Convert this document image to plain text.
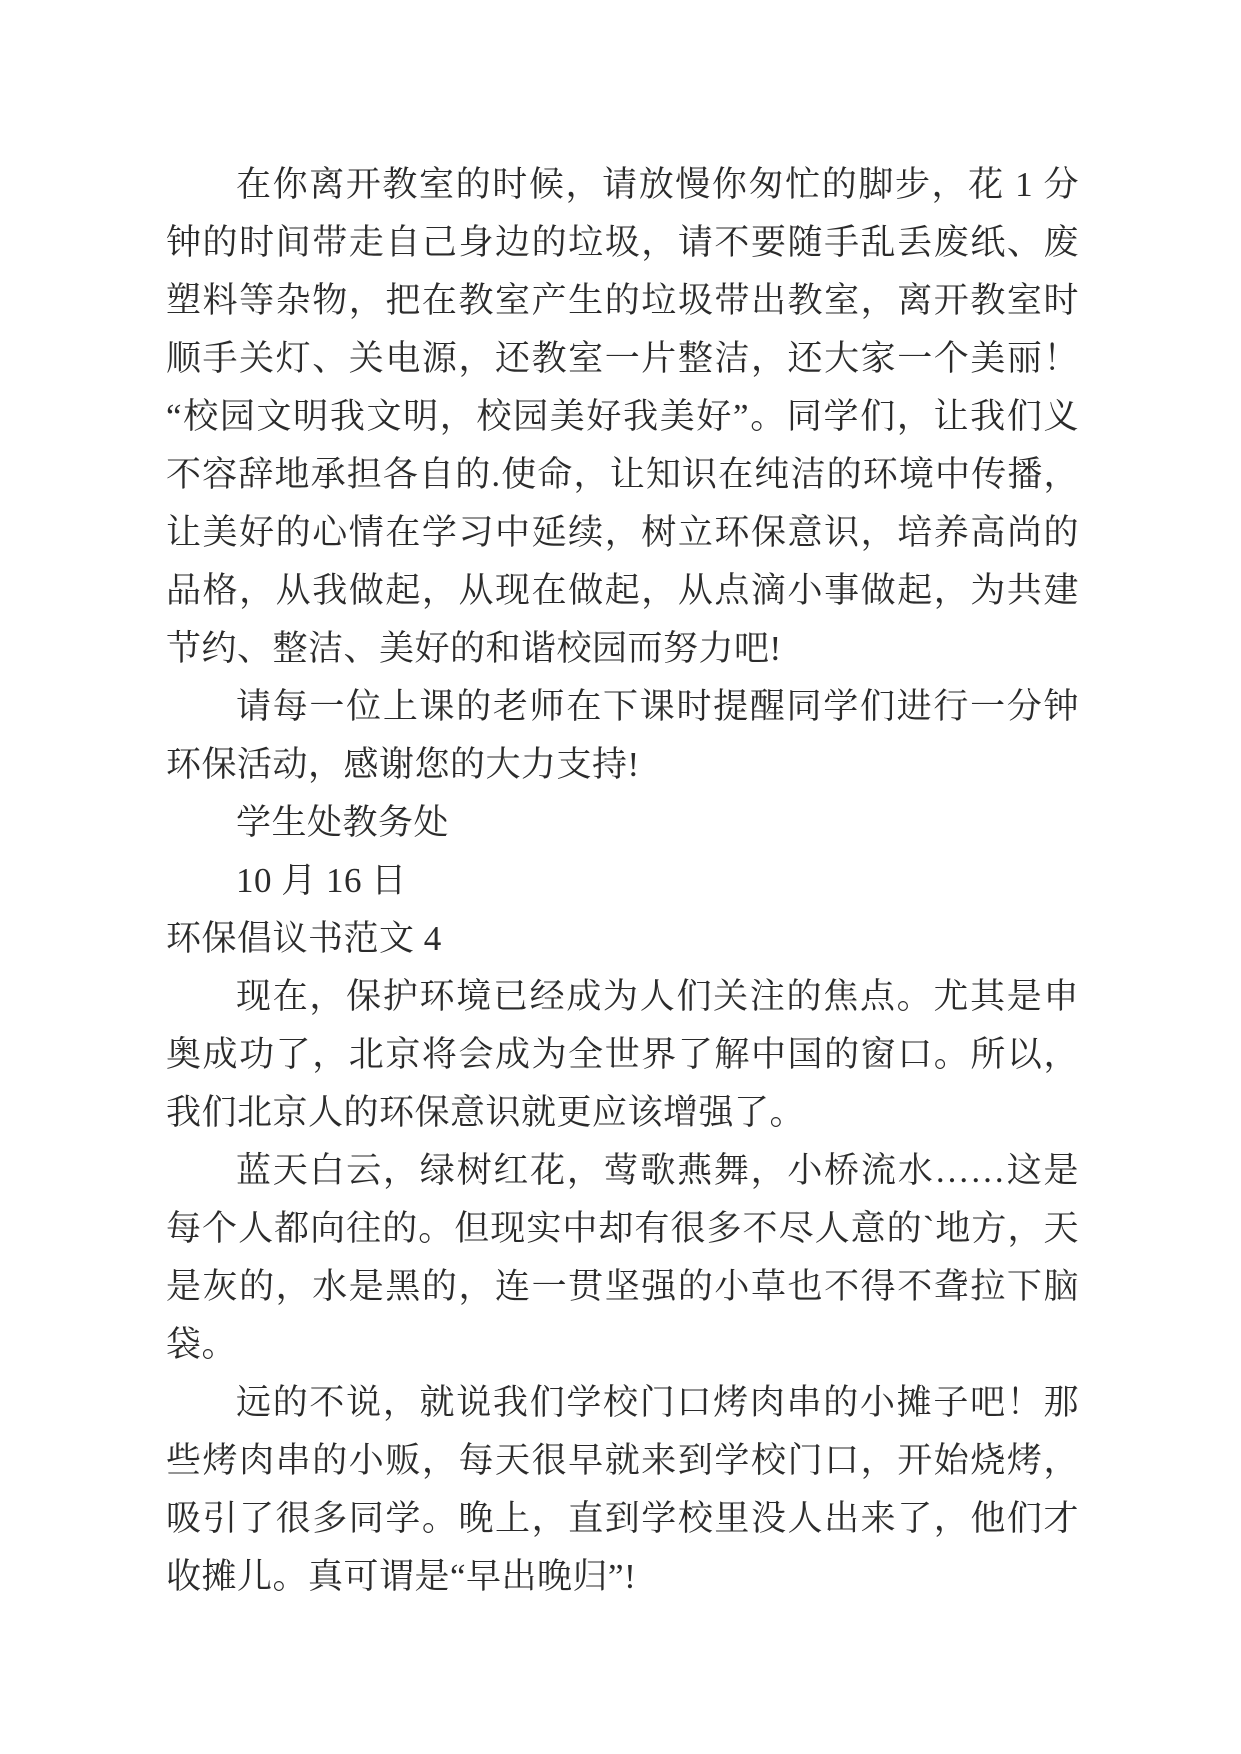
在你离开教室的时候，请放慢你匆忙的脚步，花 1 分钟的时间带走自己身边的垃圾，请不要随手乱丢废纸、废塑料等杂物，把在教室产生的垃圾带出教室，离开教室时顺手关灯、关电源，还教室一片整洁，还大家一个美丽！“校园文明我文明，校园美好我美好”。同学们，让我们义不容辞地承担各自的.使命，让知识在纯洁的环境中传播，让美好的心情在学习中延续，树立环保意识，培养高尚的品格，从我做起，从现在做起，从点滴小事做起，为共建节约、整洁、美好的和谐校园而努力吧!

请每一位上课的老师在下课时提醒同学们进行一分钟环保活动，感谢您的大力支持!

学生处教务处

10 月 16 日

环保倡议书范文 4

现在，保护环境已经成为人们关注的焦点。尤其是申奥成功了，北京将会成为全世界了解中国的窗口。所以，我们北京人的环保意识就更应该增强了。

蓝天白云，绿树红花，莺歌燕舞，小桥流水……这是每个人都向往的。但现实中却有很多不尽人意的`地方，天是灰的，水是黑的，连一贯坚强的小草也不得不聋拉下脑袋。

远的不说，就说我们学校门口烤肉串的小摊子吧！那些烤肉串的小贩，每天很早就来到学校门口，开始烧烤，吸引了很多同学。晚上，直到学校里没人出来了，他们才收摊儿。真可谓是“早出晚归”!
